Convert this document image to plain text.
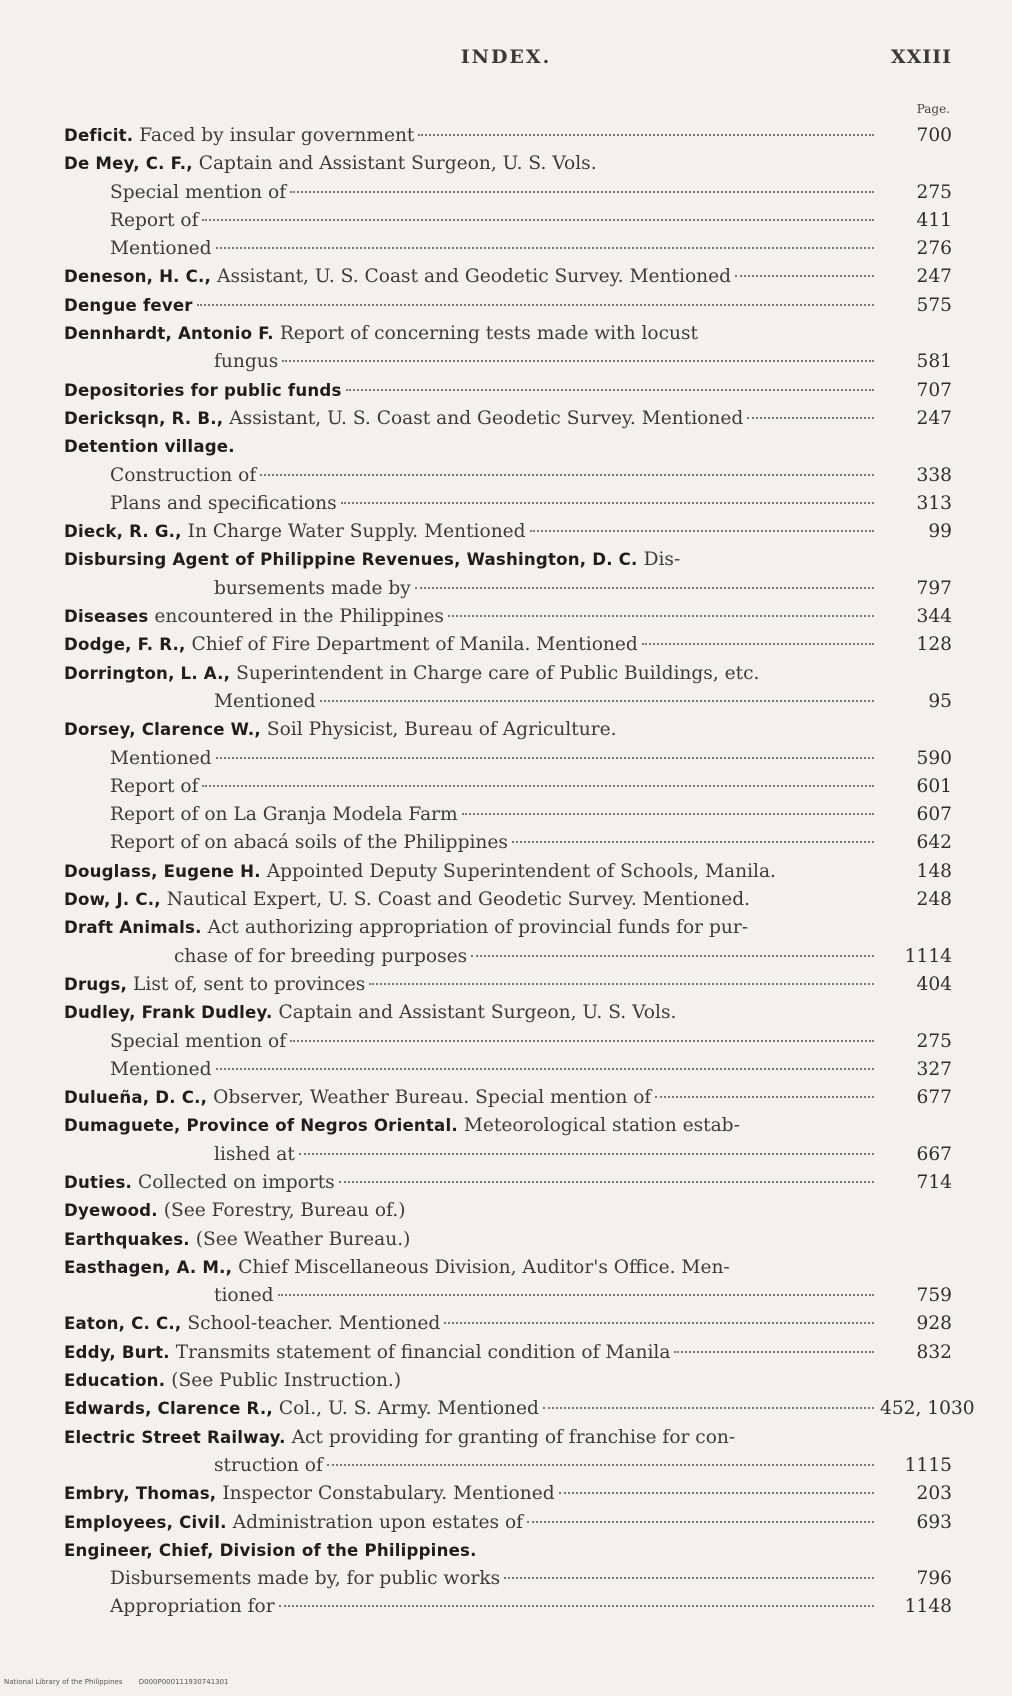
INDEX.	XXIII
Page.
Deficit. Faced by insular government	700
De Mey, C. F., Captain and Assistant Surgeon, U. S. Vols.
Special mention of	275
Report of	411
Mentioned	276
Deneson, H. C., Assistant, U. S. Coast and Geodetic Survey. Mentioned	247
Dengue fever	575
Dennhardt, Antonio F. Report of concerning tests made with locust
fungus	581
Depositories for public funds	707
Dericksqn, R. B., Assistant, U. S. Coast and Geodetic Survey. Mentioned	247
Detention village.
Construction of	338
Plans and specifications	313
Dieck, R. G., In Charge Water Supply. Mentioned	99
Disbursing Agent of Philippine Revenues, Washington, D. C. Dis-
bursements made by	797
Diseases encountered in the Philippines	344
Dodge, F. R., Chief of Fire Department of Manila. Mentioned	128
Dorrington, L. A., Superintendent in Charge care of Public Buildings, etc.
Mentioned	95
Dorsey, Clarence W., Soil Physicist, Bureau of Agriculture.
Mentioned	590
Report of	601
Report of on La Granja Modela Farm	607
Report of on abacá soils of the Philippines	642
Douglass, Eugene H. Appointed Deputy Superintendent of Schools, Manila.	148
Dow, J. C., Nautical Expert, U. S. Coast and Geodetic Survey. Mentioned.	248
Draft Animals. Act authorizing appropriation of provincial funds for pur-
chase of for breeding purposes	1114
Drugs, List of, sent to provinces	404
Dudley, Frank Dudley. Captain and Assistant Surgeon, U. S. Vols.
Special mention of	275
Mentioned	327
Dulueña, D. C., Observer, Weather Bureau. Special mention of	677
Dumaguete, Province of Negros Oriental. Meteorological station estab-
lished at	667
Duties. Collected on imports	714
Dyewood. (See Forestry, Bureau of.)
Earthquakes. (See Weather Bureau.)
Easthagen, A. M., Chief Miscellaneous Division, Auditor's Office. Men-
tioned	759
Eaton, C. C., School-teacher. Mentioned	928
Eddy, Burt. Transmits statement of financial condition of Manila	832
Education. (See Public Instruction.)
Edwards, Clarence R., Col., U. S. Army. Mentioned	452, 1030
Electric Street Railway. Act providing for granting of franchise for con-
struction of	1115
Embry, Thomas, Inspector Constabulary. Mentioned	203
Employees, Civil. Administration upon estates of	693
Engineer, Chief, Division of the Philippines.
Disbursements made by, for public works	796
Appropriation for	1148
National Library of the Philippines D000P000111930741301
